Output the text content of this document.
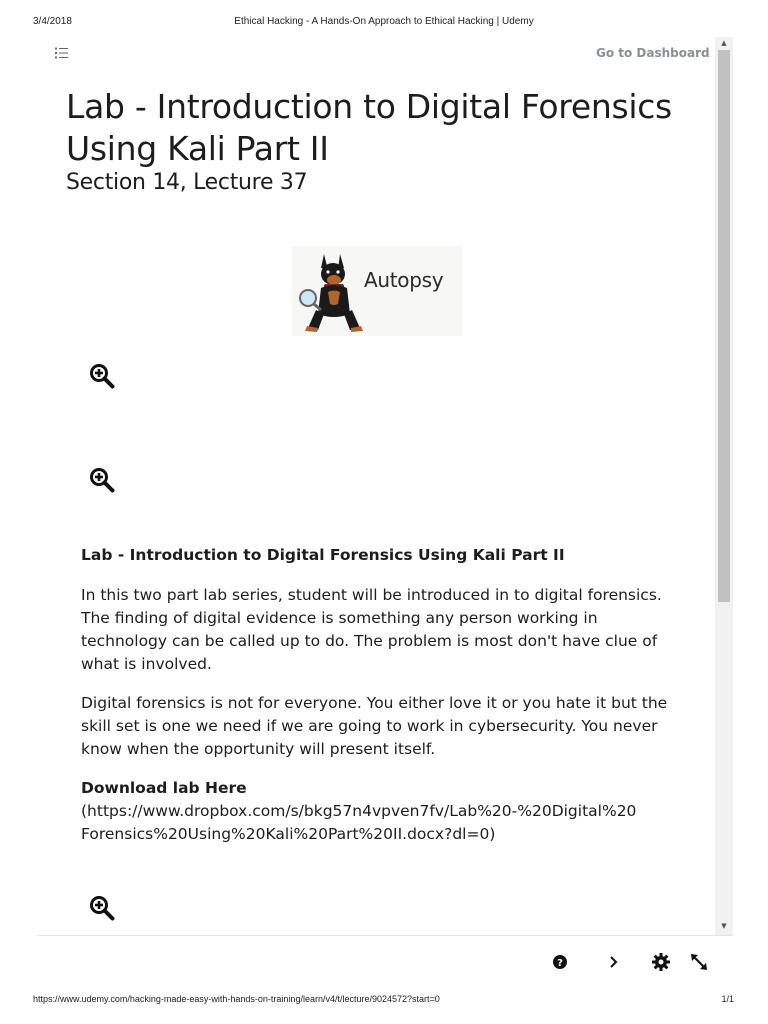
3/4/2018	Ethical Hacking - A Hands-On Approach to Ethical Hacking | Udemy
Go to Dashboard
Lab - Introduction to Digital Forensics Using Kali Part II
Section 14, Lecture 37
Autopsy
Lab - Introduction to Digital Forensics Using Kali Part II

In this two part lab series, student will be introduced in to digital forensics. The finding of digital evidence is something any person working in technology can be called up to do. The problem is most don't have clue of what is involved.

Digital forensics is not for everyone. You either love it or you hate it but the skill set is one we need if we are going to work in cybersecurity. You never know when the opportunity will present itself.

Download lab Here
(https://www.dropbox.com/s/bkg57n4vpven7fv/Lab%20-%20Digital%20Forensics%20Using%20Kali%20Part%20II.docx?dl=0)
▲
▼
?
https://www.udemy.com/hacking-made-easy-with-hands-on-training/learn/v4/t/lecture/9024572?start=0	1/1
